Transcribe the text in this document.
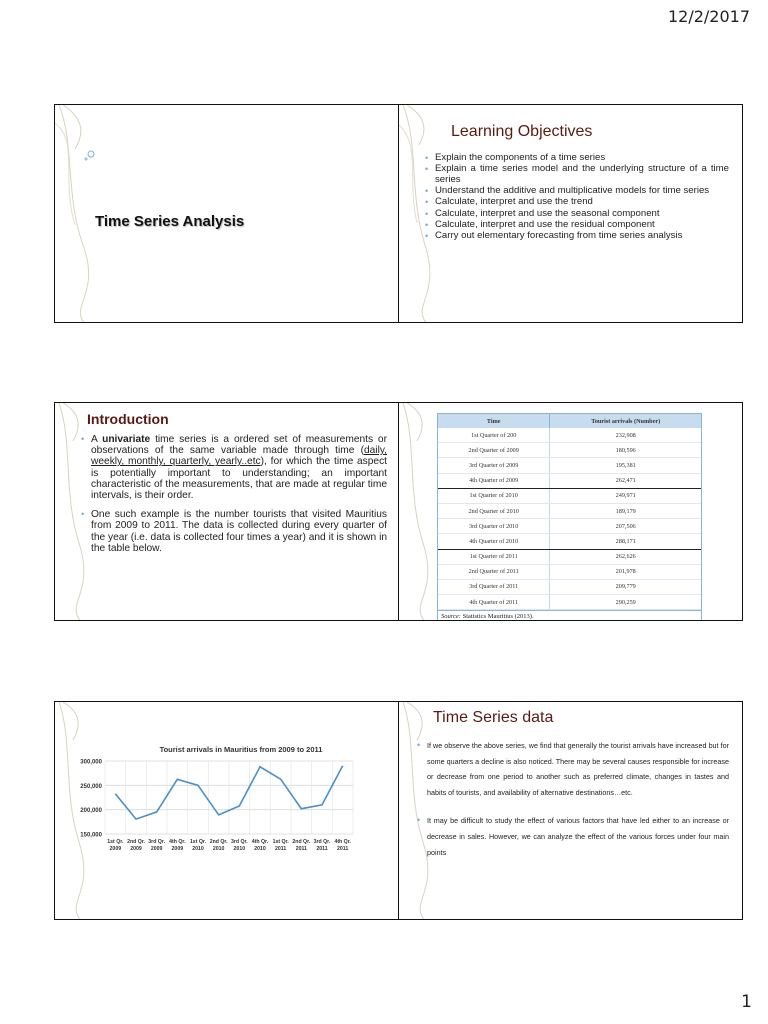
12/2/2017
Time Series Analysis
Learning Objectives
• Explain the components of a time series
• Explain a time series model and the underlying structure of a time series
• Understand the additive and multiplicative models for time series
• Calculate, interpret and use the trend
• Calculate, interpret and use the seasonal component
• Calculate, interpret and use the residual component
• Carry out elementary forecasting from time series analysis
Introduction
• A univariate time series is a ordered set of measurements or observations of the same variable made through time (daily, weekly, monthly, quarterly, yearly..etc), for which the time aspect is potentially important to understanding; an important characteristic of the measurements, that are made at regular time intervals, is their order.
• One such example is the number tourists that visited Mauritius from 2009 to 2011. The data is collected during every quarter of the year (i.e. data is collected four times a year) and it is shown in the table below.
Time	Tourist arrivals (Number)
1st Quarter of 200	232,908
2nd Quarter of 2009	180,596
3rd Quarter of 2009	195,381
4th Quarter of 2009	262,471
1st Quarter of 2010	249,971
2nd Quarter of 2010	189,179
3rd Quarter of 2010	207,506
4th Quarter of 2010	288,171
1st Quarter of 2011	262,626
2nd Quarter of 2011	201,978
3rd Quarter of 2011	209,779
4th Quarter of 2011	290,259
Source: Statistics Mauritius (2013).
Tourist arrivals in Mauritius from 2009 to 2011
150,000
200,000
250,000
300,000
1st Qr.
2009
2nd Qr.
2009
3rd Qr.
2009
4th Qr.
2009
1st Qr.
2010
2nd Qr.
2010
3rd Qr.
2010
4th Qr.
2010
1st Qr.
2011
2nd Qr.
2011
3rd Qr.
2011
4th Qr.
2011
Time Series data
• If we observe the above series, we find that generally the tourist arrivals have increased but for some quarters a decline is also noticed. There may be several causes responsible for increase or decrease from one period to another such as preferred climate, changes in tastes and habits of tourists, and availability of alternative destinations…etc.
• It may be difficult to study the effect of various factors that have led either to an increase or decrease in sales. However, we can analyze the effect of the various forces under four main points
1
